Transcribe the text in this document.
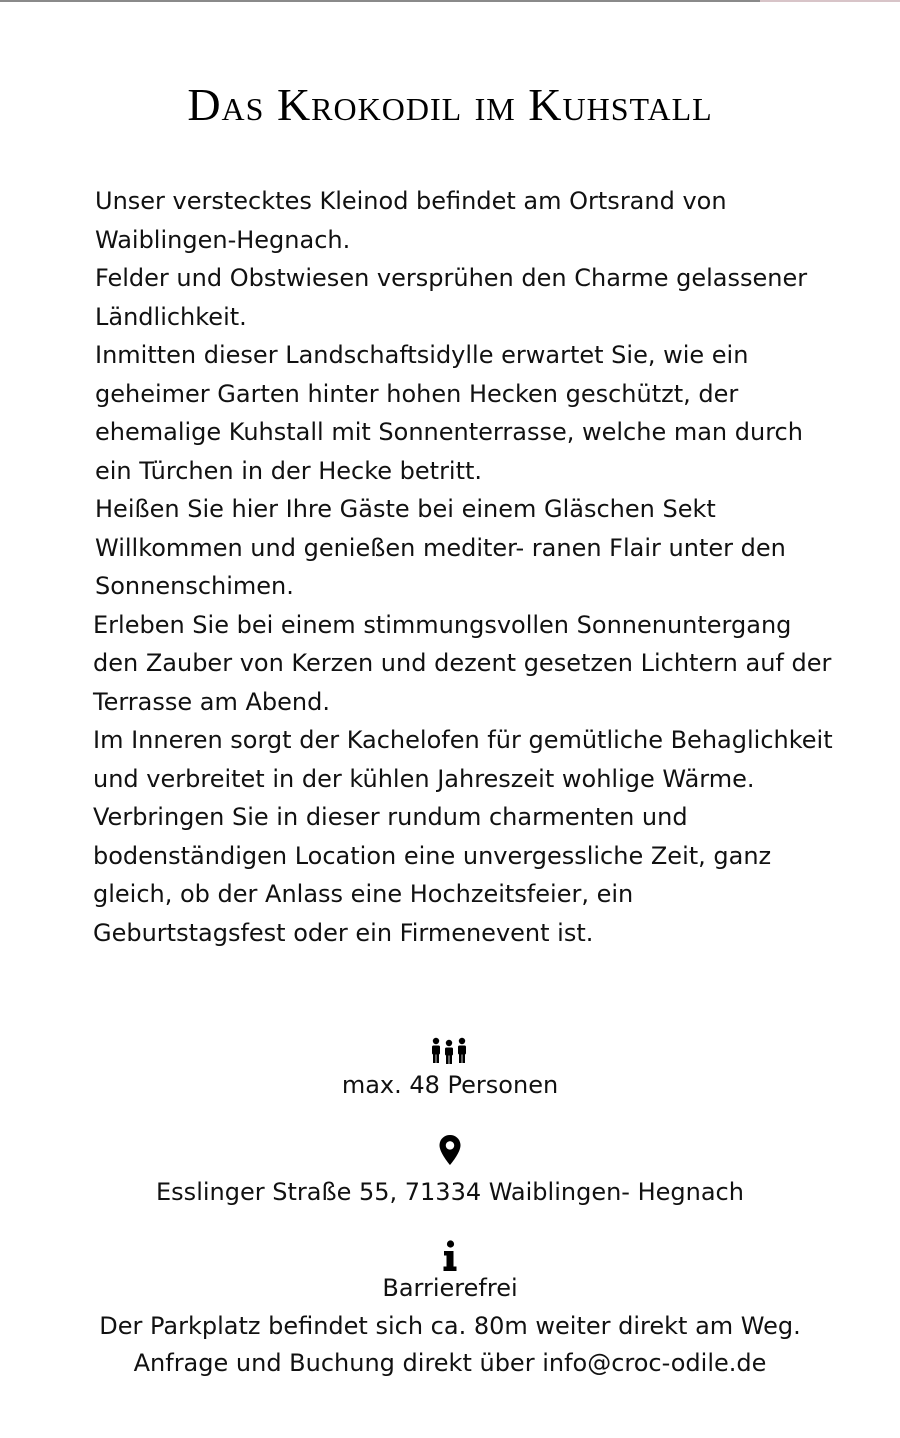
Das Krokodil im Kuhstall

Unser verstecktes Kleinod befindet am Ortsrand von Waiblingen-Hegnach.

Felder und Obstwiesen versprühen den Charme gelassener Ländlichkeit.

Inmitten dieser Landschaftsidylle erwartet Sie, wie ein geheimer Garten hinter hohen Hecken geschützt, der ehemalige Kuhstall mit Sonnenterrasse, welche man durch ein Türchen in der Hecke betritt.

Heißen Sie hier Ihre Gäste bei einem Gläschen Sekt Willkommen und genießen mediter- ranen Flair unter den Sonnenschimen.

Erleben Sie bei einem stimmungsvollen Sonnenuntergang den Zauber von Kerzen und dezent gesetzen Lichtern auf der Terrasse am Abend.

Im Inneren sorgt der Kachelofen für gemütliche Behaglichkeit und verbreitet in der kühlen Jahreszeit wohlige Wärme.

Verbringen Sie in dieser rundum charmenten und bodenständigen Location eine unvergessliche Zeit, ganz gleich, ob der Anlass eine Hochzeitsfeier, ein Geburtstagsfest oder ein Firmenevent ist.

max. 48 Personen
Esslinger Straße 55, 71334 Waiblingen- Hegnach
Barrierefrei
Der Parkplatz befindet sich ca. 80m weiter direkt am Weg.
Anfrage und Buchung direkt über info@croc-odile.de
